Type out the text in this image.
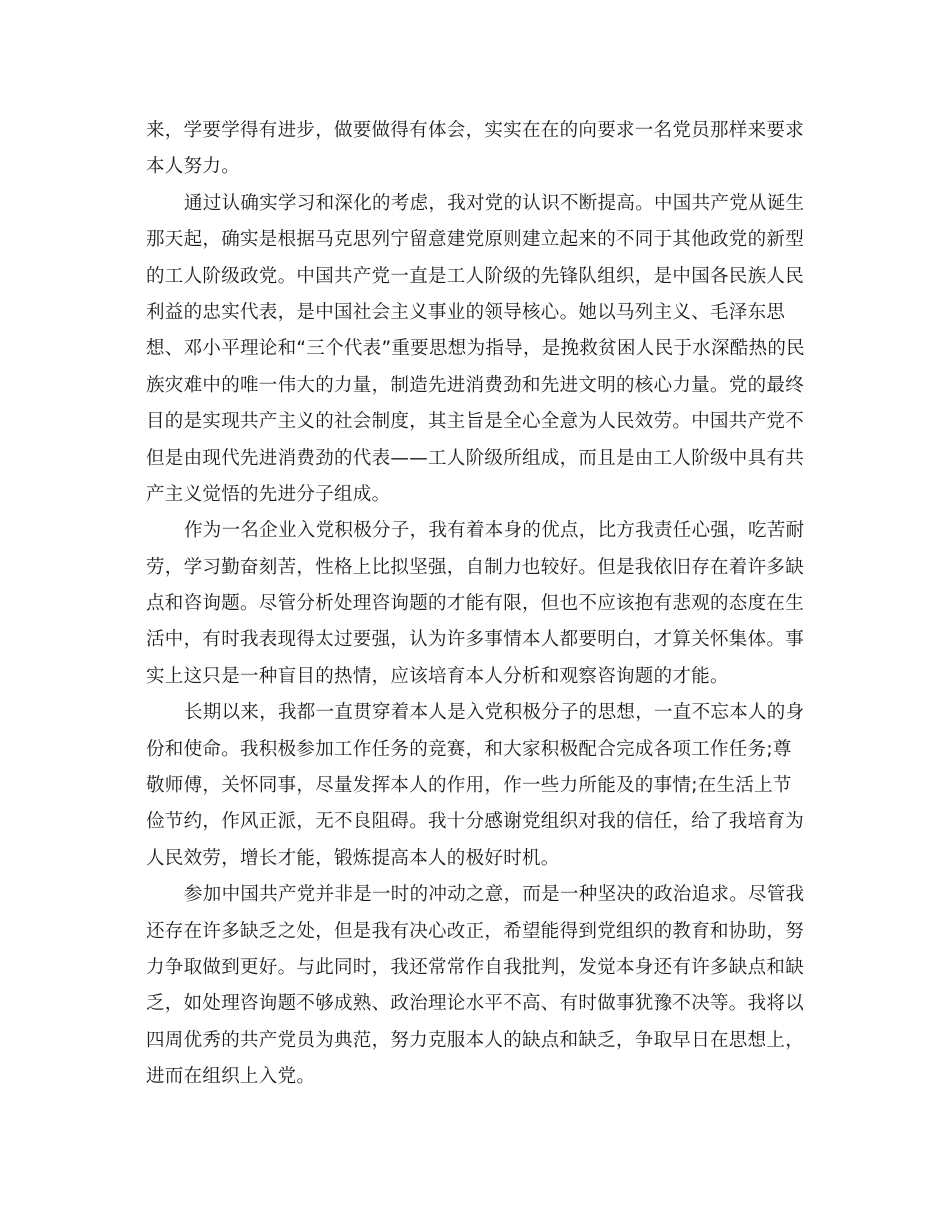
来，学要学得有进步，做要做得有体会，实实在在的向要求一名党员那样来要求
本人努力。
通过认确实学习和深化的考虑，我对党的认识不断提高。中国共产党从诞生
那天起，确实是根据马克思列宁留意建党原则建立起来的不同于其他政党的新型
的工人阶级政党。中国共产党一直是工人阶级的先锋队组织，是中国各民族人民
利益的忠实代表，是中国社会主义事业的领导核心。她以马列主义、毛泽东思
想、邓小平理论和“三个代表”重要思想为指导，是挽救贫困人民于水深酷热的民
族灾难中的唯一伟大的力量，制造先进消费劲和先进文明的核心力量。党的最终
目的是实现共产主义的社会制度，其主旨是全心全意为人民效劳。中国共产党不
但是由现代先进消费劲的代表——工人阶级所组成，而且是由工人阶级中具有共
产主义觉悟的先进分子组成。
作为一名企业入党积极分子，我有着本身的优点，比方我责任心强，吃苦耐
劳，学习勤奋刻苦，性格上比拟坚强，自制力也较好。但是我依旧存在着许多缺
点和咨询题。尽管分析处理咨询题的才能有限，但也不应该抱有悲观的态度在生
活中，有时我表现得太过要强，认为许多事情本人都要明白，才算关怀集体。事
实上这只是一种盲目的热情，应该培育本人分析和观察咨询题的才能。
长期以来，我都一直贯穿着本人是入党积极分子的思想，一直不忘本人的身
份和使命。我积极参加工作任务的竞赛，和大家积极配合完成各项工作任务;尊
敬师傅，关怀同事，尽量发挥本人的作用，作一些力所能及的事情;在生活上节
俭节约，作风正派，无不良阻碍。我十分感谢党组织对我的信任，给了我培育为
人民效劳，增长才能，锻炼提高本人的极好时机。
参加中国共产党并非是一时的冲动之意，而是一种坚决的政治追求。尽管我
还存在许多缺乏之处，但是我有决心改正，希望能得到党组织的教育和协助，努
力争取做到更好。与此同时，我还常常作自我批判，发觉本身还有许多缺点和缺
乏，如处理咨询题不够成熟、政治理论水平不高、有时做事犹豫不决等。我将以
四周优秀的共产党员为典范，努力克服本人的缺点和缺乏，争取早日在思想上，
进而在组织上入党。
